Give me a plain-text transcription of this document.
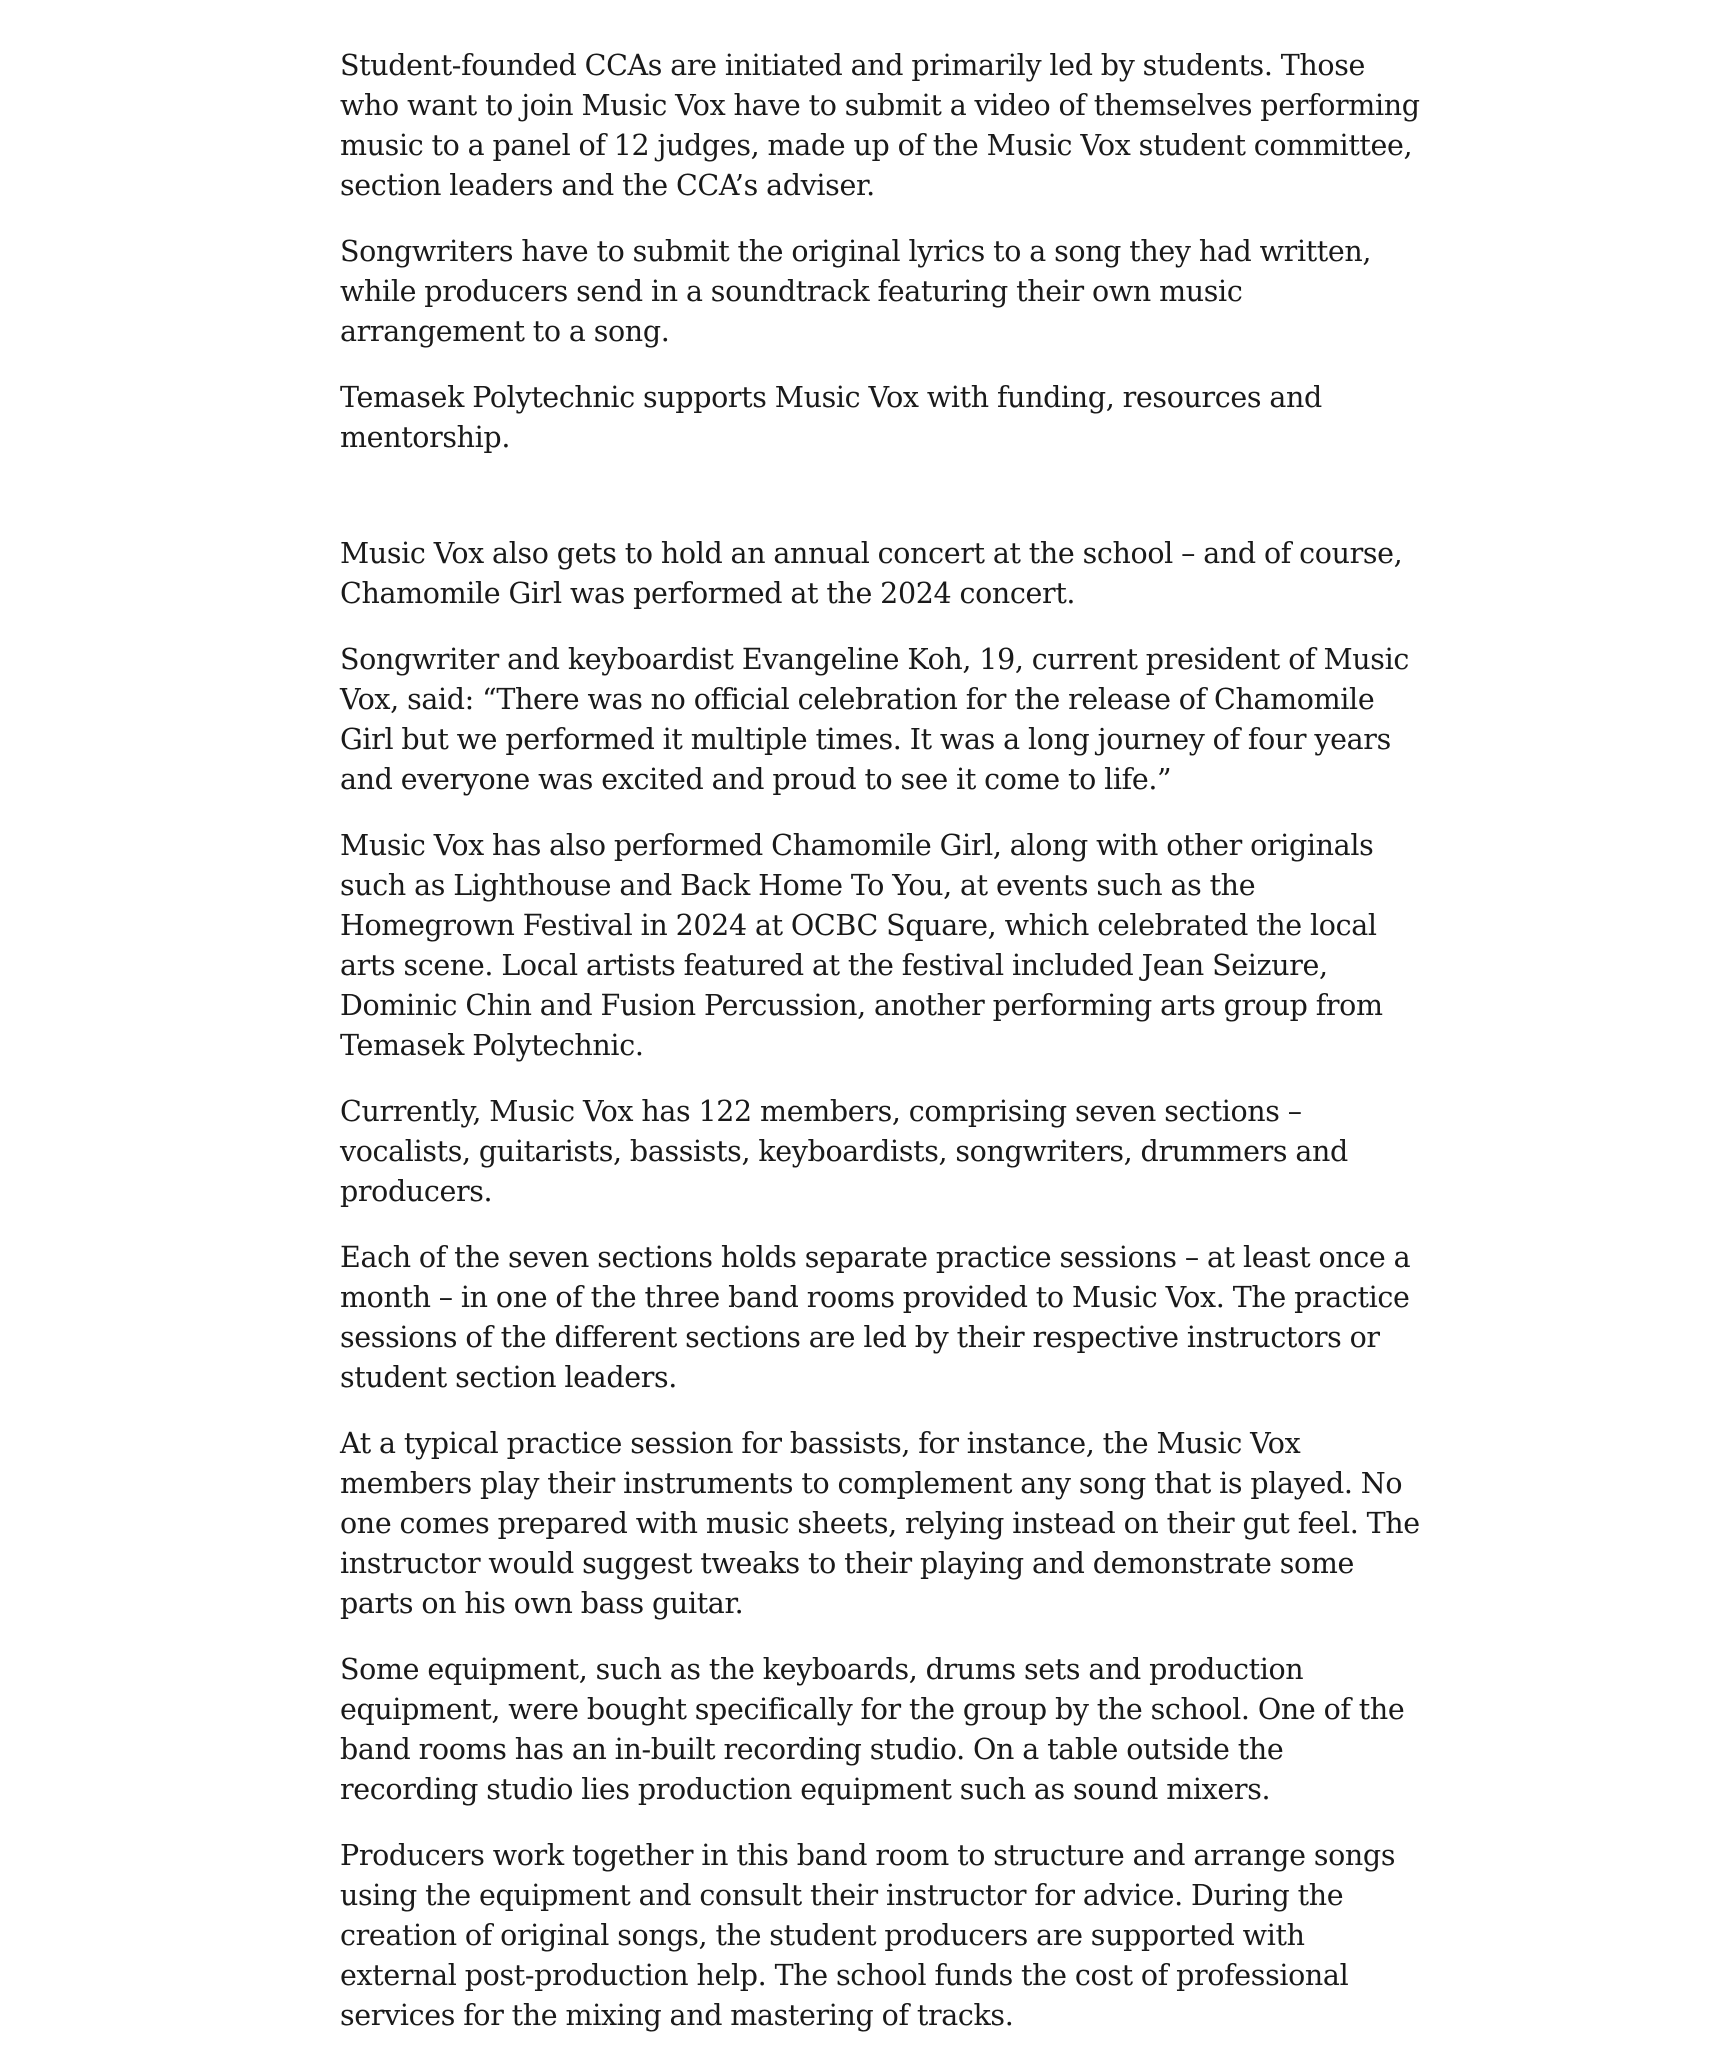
Student-founded CCAs are initiated and primarily led by students. Those who want to join Music Vox have to submit a video of themselves performing music to a panel of 12 judges, made up of the Music Vox student committee, section leaders and the CCA’s adviser.

Songwriters have to submit the original lyrics to a song they had written, while producers send in a soundtrack featuring their own music arrangement to a song.

Temasek Polytechnic supports Music Vox with funding, resources and mentorship.

Music Vox also gets to hold an annual concert at the school – and of course, Chamomile Girl was performed at the 2024 concert.

Songwriter and keyboardist Evangeline Koh, 19, current president of Music Vox, said: “There was no official celebration for the release of Chamomile Girl but we performed it multiple times. It was a long journey of four years and everyone was excited and proud to see it come to life.”

Music Vox has also performed Chamomile Girl, along with other originals such as Lighthouse and Back Home To You, at events such as the Homegrown Festival in 2024 at OCBC Square, which celebrated the local arts scene. Local artists featured at the festival included Jean Seizure, Dominic Chin and Fusion Percussion, another performing arts group from Temasek Polytechnic.

Currently, Music Vox has 122 members, comprising seven sections – vocalists, guitarists, bassists, keyboardists, songwriters, drummers and producers.

Each of the seven sections holds separate practice sessions – at least once a month – in one of the three band rooms provided to Music Vox. The practice sessions of the different sections are led by their respective instructors or student section leaders.

At a typical practice session for bassists, for instance, the Music Vox members play their instruments to complement any song that is played. No one comes prepared with music sheets, relying instead on their gut feel. The instructor would suggest tweaks to their playing and demonstrate some parts on his own bass guitar.

Some equipment, such as the keyboards, drums sets and production equipment, were bought specifically for the group by the school. One of the band rooms has an in-built recording studio. On a table outside the recording studio lies production equipment such as sound mixers.

Producers work together in this band room to structure and arrange songs using the equipment and consult their instructor for advice. During the creation of original songs, the student producers are supported with external post-production help. The school funds the cost of professional services for the mixing and mastering of tracks.
